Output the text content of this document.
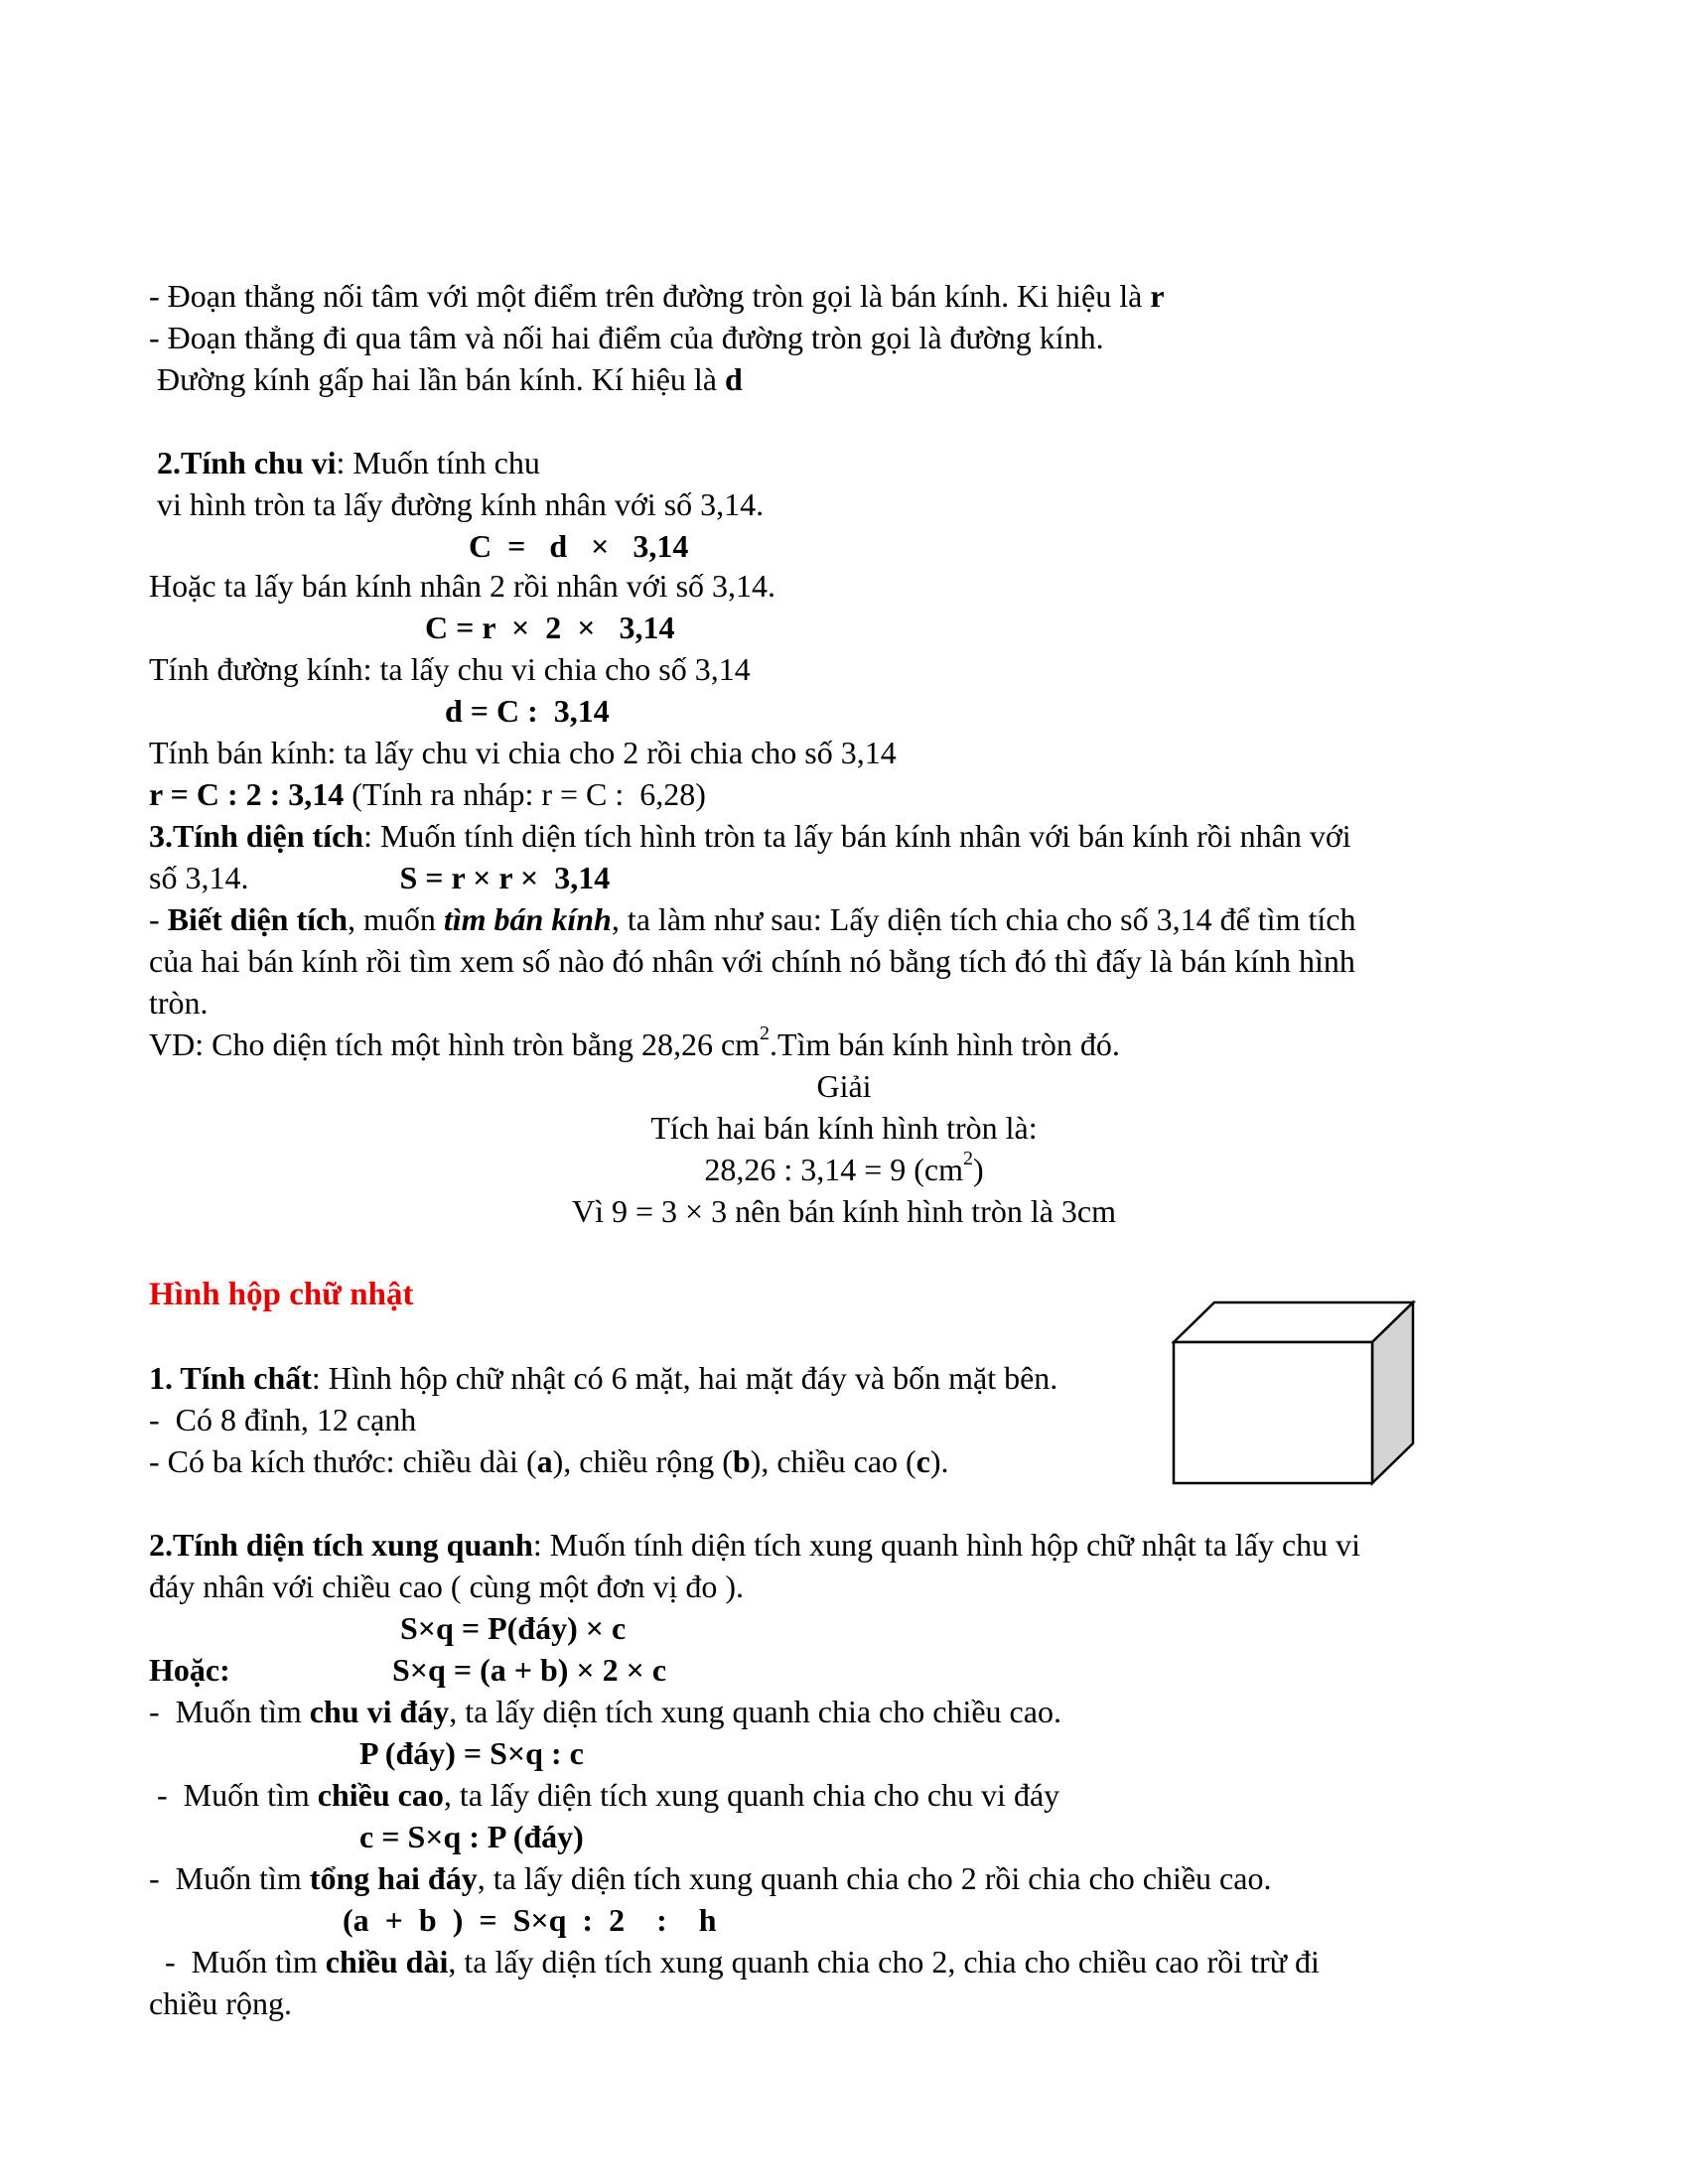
- Đoạn thẳng nối tâm với một điểm trên đường tròn gọi là bán kính. Ki hiệu là r
- Đoạn thẳng đi qua tâm và nối hai điểm của đường tròn gọi là đường kính.
Đường kính gấp hai lần bán kính. Kí hiệu là d
2.Tính chu vi: Muốn tính chu
vi hình tròn ta lấy đường kính nhân với số 3,14.
C  =   d   ×   3,14
Hoặc ta lấy bán kính nhân 2 rồi nhân với số 3,14.
C = r  ×  2  ×   3,14
Tính đường kính: ta lấy chu vi chia cho số 3,14
d = C :  3,14
Tính bán kính: ta lấy chu vi chia cho 2 rồi chia cho số 3,14
r = C : 2 : 3,14 (Tính ra nháp: r = C :  6,28)
3.Tính diện tích: Muốn tính diện tích hình tròn ta lấy bán kính nhân với bán kính rồi nhân với
số 3,14.                   S = r × r ×  3,14
- Biết diện tích, muốn tìm bán kính, ta làm như sau: Lấy diện tích chia cho số 3,14 để tìm tích
của hai bán kính rồi tìm xem số nào đó nhân với chính nó bằng tích đó thì đấy là bán kính hình
tròn.
VD: Cho diện tích một hình tròn bằng 28,26 $cm^2.Tìm$ bán kính hình tròn đó.
Giải
Tích hai bán kính hình tròn là:
28,26 : 3,14 = 9 $(cm^2)$
Vì 9 = 3 × 3 nên bán kính hình tròn là 3cm
Hình hộp chữ nhật
1. Tính chất: Hình hộp chữ nhật có 6 mặt, hai mặt đáy và bốn mặt bên.
-  Có 8 đỉnh, 12 cạnh
- Có ba kích thước: chiều dài (a), chiều rộng (b), chiều cao (c).
2.Tính diện tích xung quanh: Muốn tính diện tích xung quanh hình hộp chữ nhật ta lấy chu vi
đáy nhân với chiều cao ( cùng một đơn vị đo ).
S×q = P(đáy) × c
Hoặc:	S×q = (a + b) × 2 × c
-  Muốn tìm chu vi đáy, ta lấy diện tích xung quanh chia cho chiều cao.
P (đáy) = S×q : c
-  Muốn tìm chiều cao, ta lấy diện tích xung quanh chia cho chu vi đáy
c = S×q : P (đáy)
-  Muốn tìm tổng hai đáy, ta lấy diện tích xung quanh chia cho 2 rồi chia cho chiều cao.
(a  +  b  )  =  S×q  :  2    :    h
-  Muốn tìm chiều dài, ta lấy diện tích xung quanh chia cho 2, chia cho chiều cao rồi trừ đi
chiều rộng.
